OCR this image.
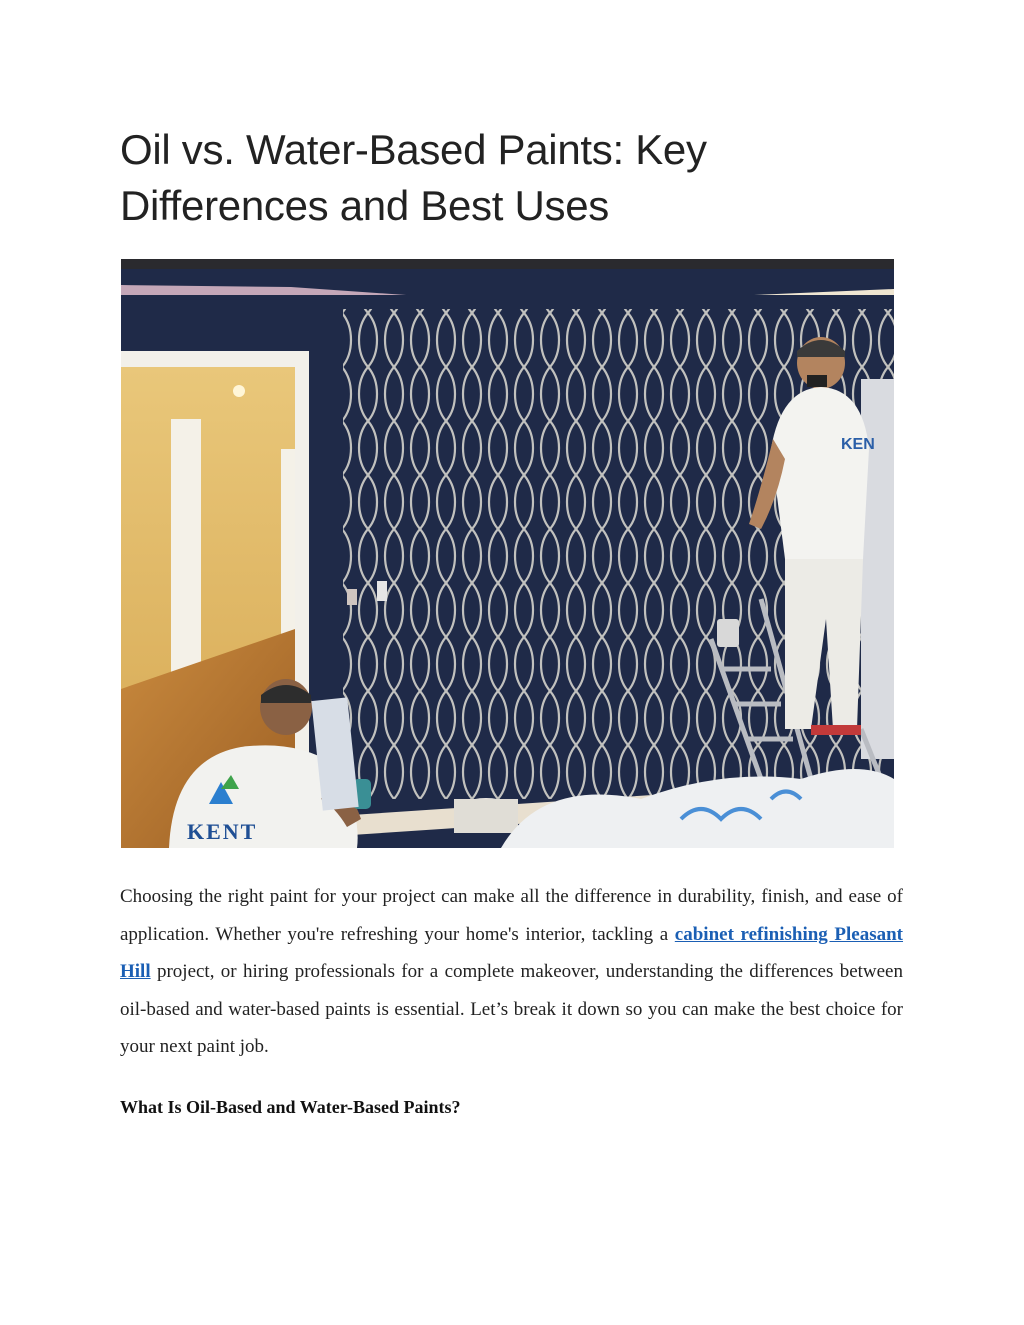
Oil vs. Water-Based Paints: Key Differences and Best Uses
KEN
KENT

Choosing the right paint for your project can make all the difference in durability, finish, and ease of application. Whether you're refreshing your home's interior, tackling a cabinet refinishing Pleasant Hill project, or hiring professionals for a complete makeover, understanding the differences between oil-based and water-based paints is essential. Let’s break it down so you can make the best choice for your next paint job.

What Is Oil-Based and Water-Based Paints?
